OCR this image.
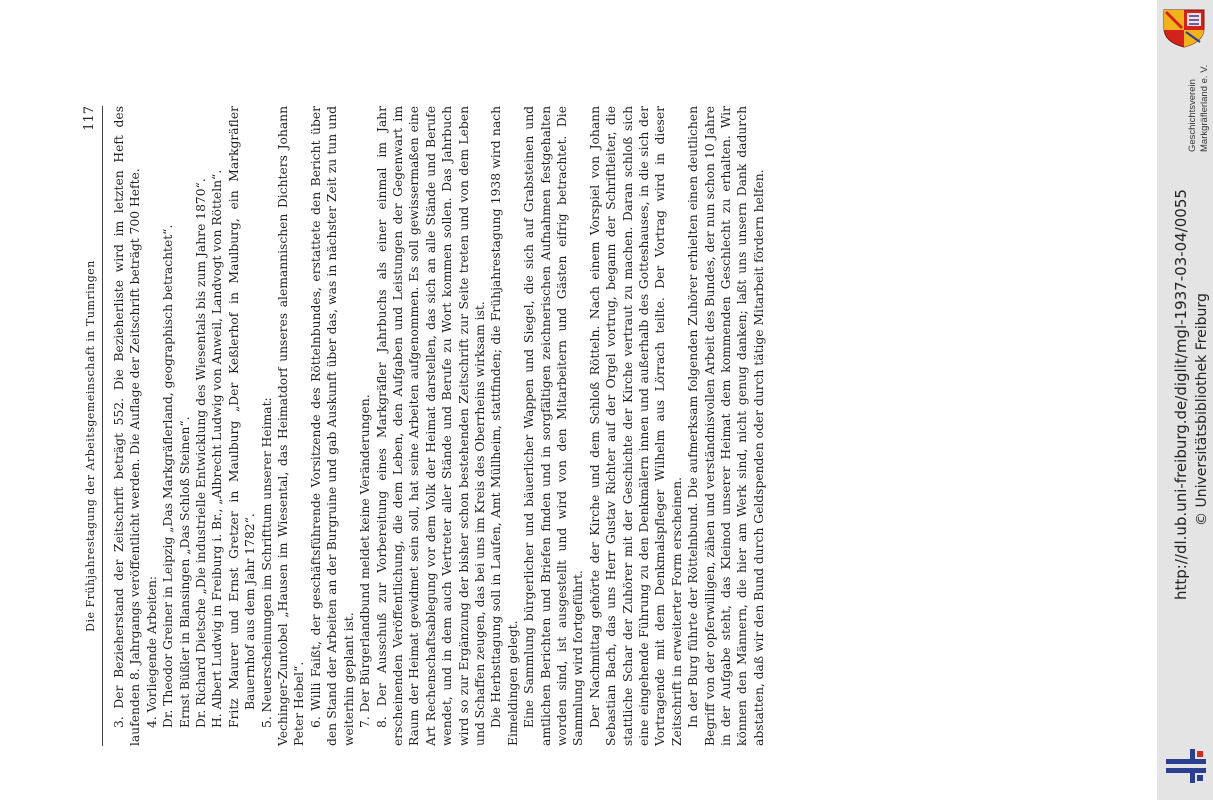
Die Frühjahrestagung der Arbeitsgemeinschaft in Tumringen
117 3. Der Bezieherstand der Zeitschrift beträgt 552. Die Bezieherliste wird im letzten Heft des laufenden 8. Jahrgangs veröffentlicht werden. Die Auflage der Zeitschrift beträgt 700 Hefte. 4. Vorliegende Arbeiten: Dr. Theodor Greiner in Leipzig „Das Markgräflerland, geographisch betrachtet“. Ernst Büßler in Blansingen „Das Schloß Steinen“. Dr. Richard Dietsche „Die industrielle Entwicklung des Wiesentals bis zum Jahre 1870“. H. Albert Ludwig in Freiburg i. Br., „Albrecht Ludwig von Anweil, Landvogt von Rötteln“. Fritz Maurer und Ernst Gretzer in Maulburg „Der Keßlerhof in Maulburg, ein Markgräfler Bauernhof aus dem Jahr 1782“. 5. Neuerscheinungen im Schrifttum unserer Heimat: Vechinger-Zuntobel „Hausen im Wiesental, das Heimatdorf unseres alemannischen Dichters Johann Peter Hebel“. 6. Willi Faißt, der geschäftsführende Vorsitzende des Röttelnbundes, erstattete den Bericht über den Stand der Arbeiten an der Burgruine und gab Auskunft über das, was in nächster Zeit zu tun und weiterhin geplant ist. 7. Der Bürgerlandbund meldet keine Veränderungen. 8. Der Ausschuß zur Vorbereitung eines Markgräfler Jahrbuchs als einer einmal im Jahr erscheinenden Veröffentlichung, die dem Leben, den Aufgaben und Leistungen der Gegenwart im Raum der Heimat gewidmet sein soll, hat seine Arbeiten aufgenommen. Es soll gewissermaßen eine Art Rechenschaftsablegung vor dem Volk der Heimat darstellen, das sich an alle Stände und Berufe wendet, und in dem auch Vertreter aller Stände und Berufe zu Wort kommen sollen. Das Jahrbuch wird so zur Ergänzung der bisher schon bestehenden Zeitschrift zur Seite treten und von dem Leben und Schaffen zeugen, das bei uns im Kreis des Oberrheins wirksam ist. Die Herbsttagung soll in Laufen, Amt Müllheim, stattfinden; die Frühjahrestagung 1938 wird nach Eimeldingen gelegt. Eine Sammlung bürgerlicher und bäuerlicher Wappen und Siegel, die sich auf Grabsteinen und amtlichen Berichten und Briefen finden und in sorgfältigen zeichnerischen Aufnahmen festgehalten worden sind, ist ausgestellt und wird von den Mitarbeitern und Gästen eifrig betrachtet. Die Sammlung wird fortgeführt. Der Nachmittag gehörte der Kirche und dem Schloß Rötteln. Nach einem Vorspiel von Johann Sebastian Bach, das uns Herr Gustav Richter auf der Orgel vortrug, begann der Schriftleiter, die stattliche Schar der Zuhörer mit der Geschichte der Kirche vertraut zu machen. Daran schloß sich eine eingehende Führung zu den Denkmälern innen und außerhalb des Gotteshauses, in die sich der Vortragende mit dem Denkmalspfleger Wilhelm aus Lörrach teilte. Der Vortrag wird in dieser Zeitschrift in erweiterter Form erscheinen. In der Burg führte der Röttelnbund. Die aufmerksam folgenden Zuhörer erhielten einen deutlichen Begriff von der opferwilligen, zähen und verständnisvollen Arbeit des Bundes, der nun schon 10 Jahre in der Aufgabe steht, das Kleinod unserer Heimat dem kommenden Geschlecht zu erhalten. Wir können den Männern, die hier am Werk sind, nicht genug danken; laßt uns unsern Dank dadurch abstatten, daß wir den Bund durch Geldspenden oder durch tätige Mitarbeit fördern helfen.

Geschichtsverein Markgräflerland e. V.
http://dl.ub.uni-freiburg.de/diglit/mgl-1937-03-04/0055 © Universitätsbibliothek Freiburg
